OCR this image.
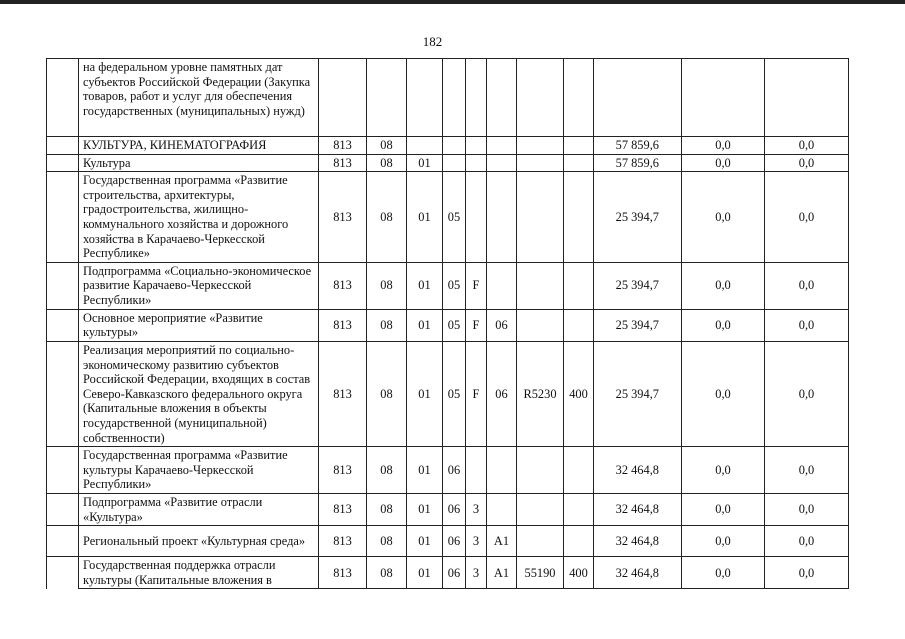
182
	на федеральном уровне памятных дат субъектов Российской Федерации (Закупка товаров, работ и услуг для обеспечения государственных (муниципальных) нужд)											
	КУЛЬТУРА, КИНЕМАТОГРАФИЯ	813	08							57 859,6	0,0	0,0
	Культура	813	08	01						57 859,6	0,0	0,0
	Государственная программа «Развитие строительства, архитектуры, градостроительства, жилищно-коммунального хозяйства и дорожного хозяйства в Карачаево-Черкесской Республике»	813	08	01	05					25 394,7	0,0	0,0
	Подпрограмма «Социально-экономическое развитие Карачаево-Черкесской Республики»	813	08	01	05	F				25 394,7	0,0	0,0
	Основное мероприятие «Развитие культуры»	813	08	01	05	F	06			25 394,7	0,0	0,0
	Реализация мероприятий по социально-экономическому развитию субъектов Российской Федерации, входящих в состав Северо-Кавказского федерального округа (Капитальные вложения в объекты государственной (муниципальной) собственности)	813	08	01	05	F	06	R5230	400	25 394,7	0,0	0,0
	Государственная программа «Развитие культуры Карачаево-Черкесской Республики»	813	08	01	06					32 464,8	0,0	0,0
	Подпрограмма «Развитие отрасли «Культура»	813	08	01	06	3				32 464,8	0,0	0,0
	Региональный проект «Культурная среда»	813	08	01	06	3	A1			32 464,8	0,0	0,0
	Государственная поддержка отрасли культуры (Капитальные вложения в	813	08	01	06	3	A1	55190	400	32 464,8	0,0	0,0
